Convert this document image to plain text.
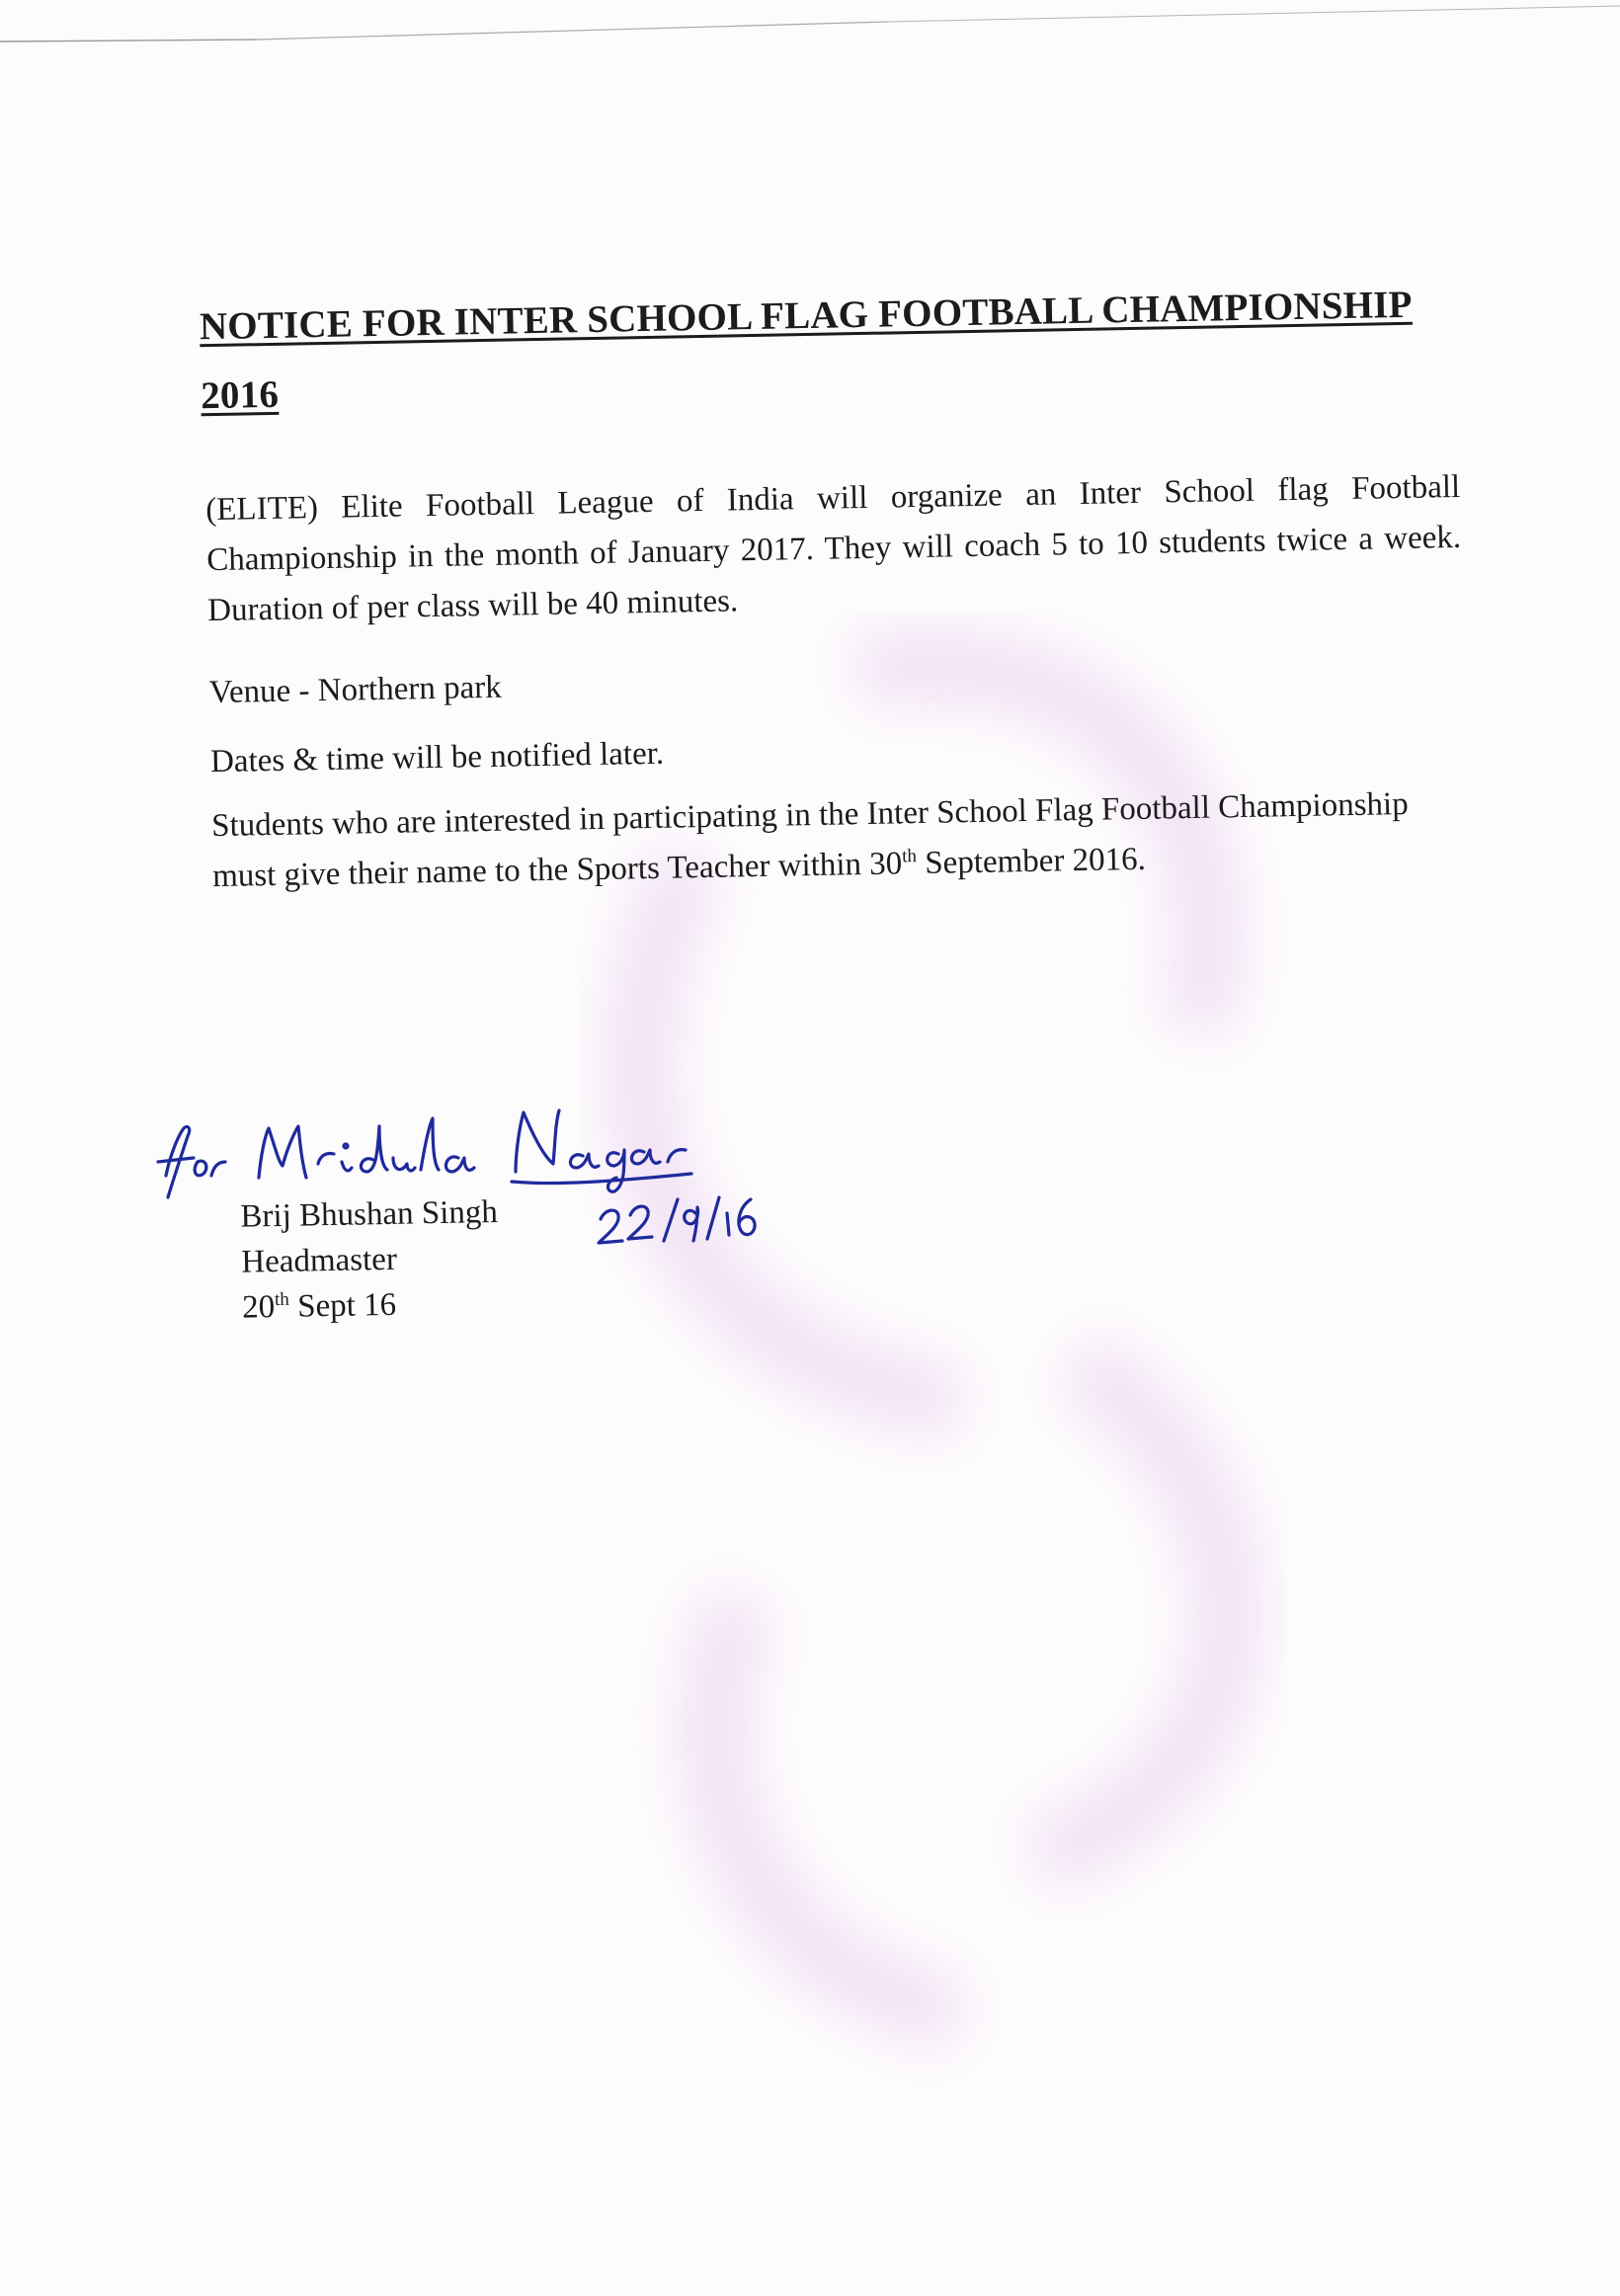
NOTICE FOR INTER SCHOOL FLAG FOOTBALL CHAMPIONSHIP
2016

(ELITE) Elite Football League of India will organize an Inter School flag Football Championship in the month of January 2017. They will coach 5 to 10 students twice a week. Duration of per class will be 40 minutes.

Venue - Northern park

Dates & time will be notified later.

Students who are interested in participating in the Inter School Flag Football Championship must give their name to the Sports Teacher within 30th September 2016.

Brij Bhushan Singh
Headmaster
20th Sept 16
